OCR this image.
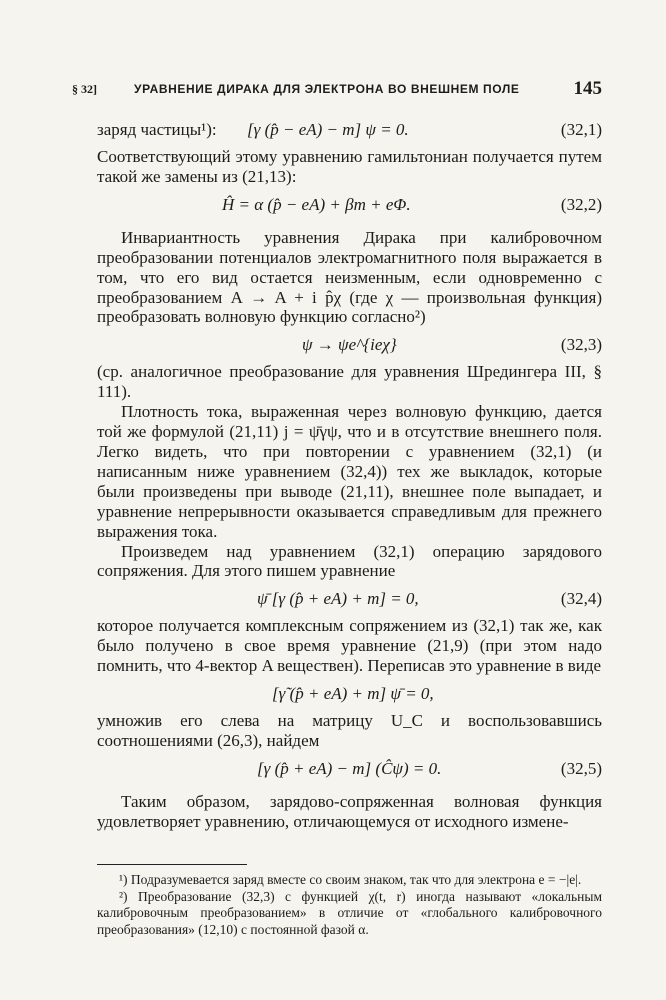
§ 32]	УРАВНЕНИЕ ДИРАКА ДЛЯ ЭЛЕКТРОНА ВО ВНЕШНЕМ ПОЛЕ	145
заряд частицы¹): [γ (p̂ − eA) − m] ψ = 0.	(32,1)

Соответствующий этому уравнению гамильтониан получается путем такой же замены из (21,13):

Ĥ = α (p̂ − eA) + βm + eΦ.	(32,2)

Инвариантность уравнения Дирака при калибровочном преобразовании потенциалов электромагнитного поля выражается в том, что его вид остается неизменным, если одновременно с преобразованием A → A + i p̂χ (где χ — произвольная функция) преобразовать волновую функцию согласно²)

ψ → ψe^{ieχ}	(32,3)

(ср. аналогичное преобразование для уравнения Шредингера III, § 111).

Плотность тока, выраженная через волновую функцию, дается той же формулой (21,11) j = ψ̄γψ, что и в отсутствие внешнего поля. Легко видеть, что при повторении с уравнением (32,1) (и написанным ниже уравнением (32,4)) тех же выкладок, которые были произведены при выводе (21,11), внешнее поле выпадает, и уравнение непрерывности оказывается справедливым для прежнего выражения тока.

Произведем над уравнением (32,1) операцию зарядового сопряжения. Для этого пишем уравнение

ψ̄ [γ (p̂ + eA) + m] = 0,	(32,4)

которое получается комплексным сопряжением из (32,1) так же, как было получено в свое время уравнение (21,9) (при этом надо помнить, что 4-вектор A веществен). Переписав это уравнение в виде

[γ̃ (p̂ + eA) + m] ψ̄ = 0,

умножив его слева на матрицу U_C и воспользовавшись соотношениями (26,3), найдем

[γ (p̂ + eA) − m] (Ĉψ) = 0.	(32,5)

Таким образом, зарядово-сопряженная волновая функция удовлетворяет уравнению, отличающемуся от исходного измене-

¹) Подразумевается заряд вместе со своим знаком, так что для электрона e = −|e|.

²) Преобразование (32,3) с функцией χ(t, r) иногда называют «локальным калибровочным преобразованием» в отличие от «глобального калибровочного преобразования» (12,10) с постоянной фазой α.
